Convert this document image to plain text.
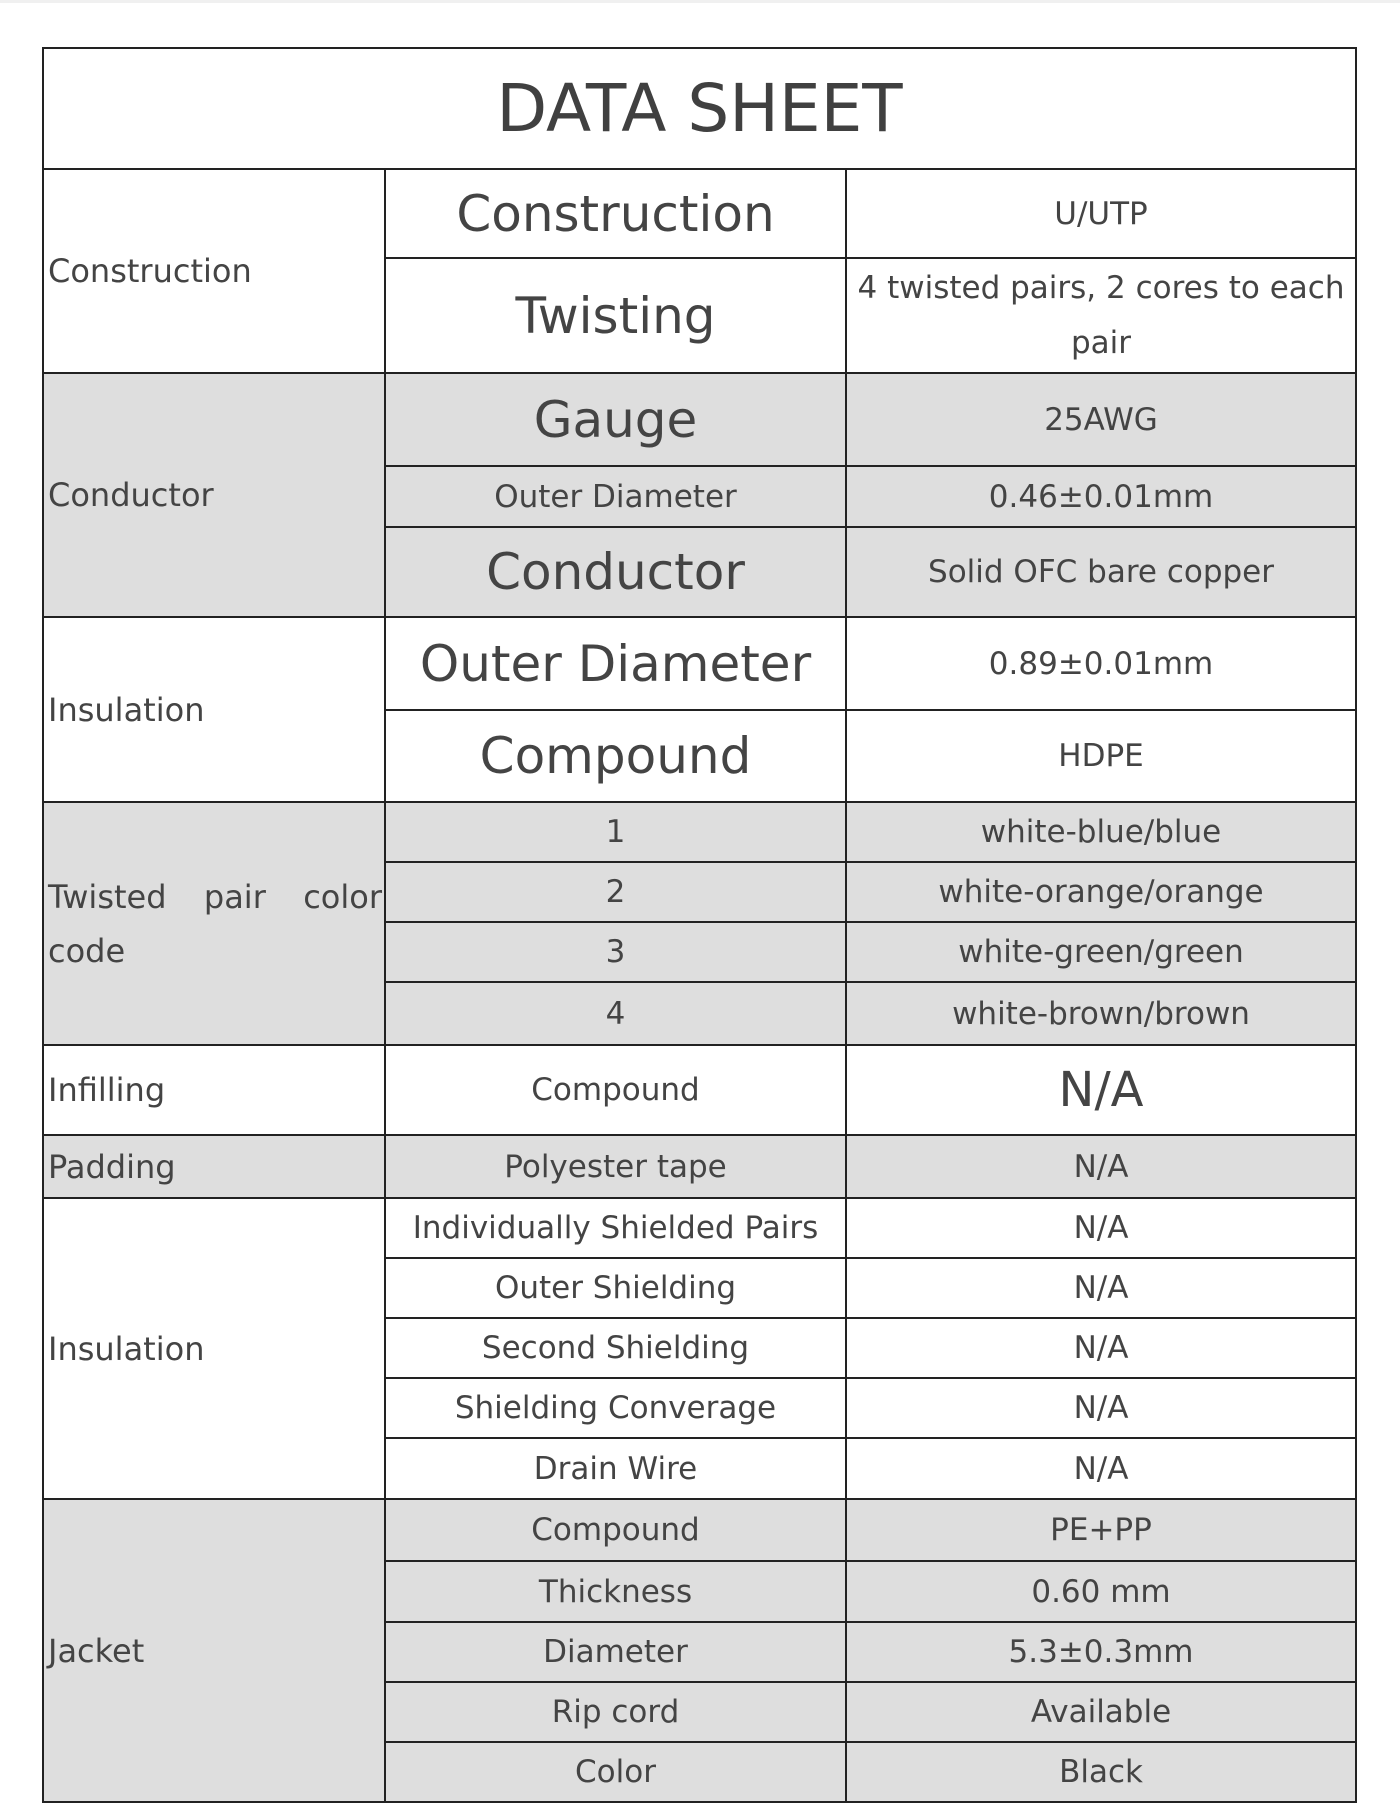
DATA SHEET		
Construction	Construction	U/UTP
	Twisting	4 twisted pairs, 2 cores to each pair
Conductor	Gauge	25AWG
	Outer Diameter	0.46±0.01mm
	Conductor	Solid OFC bare copper
Insulation	Outer Diameter	0.89±0.01mm
	Compound	HDPE
Twisted pair color code	1	white-blue/blue
	2	white-orange/orange
	3	white-green/green
	4	white-brown/brown
Infilling	Compound	N/A
Padding	Polyester tape	N/A
Insulation	Individually Shielded Pairs	N/A
	Outer Shielding	N/A
	Second Shielding	N/A
	Shielding Converage	N/A
	Drain Wire	N/A
Jacket	Compound	PE+PP
	Thickness	0.60 mm
	Diameter	5.3±0.3mm
	Rip cord	Available
	Color	Black
